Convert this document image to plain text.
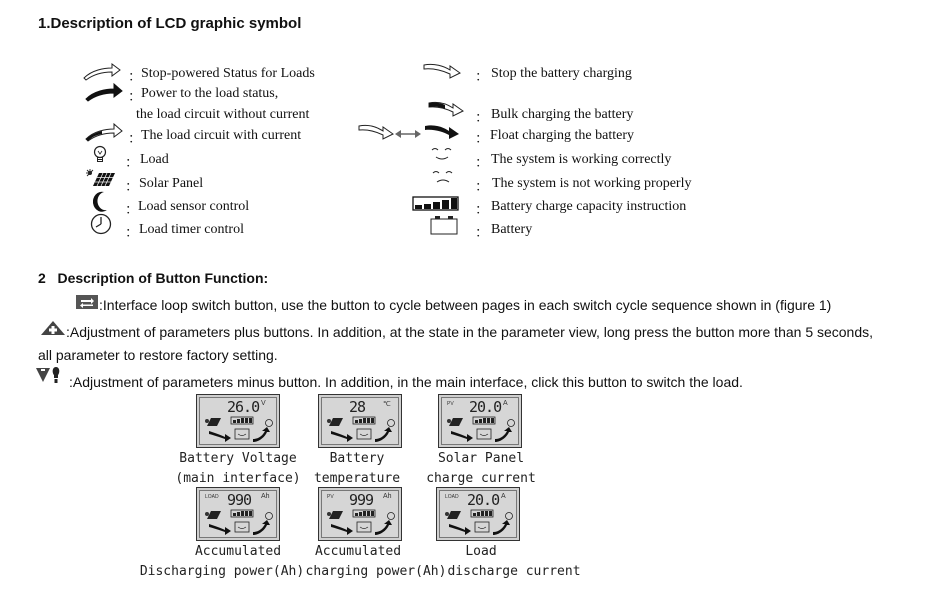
1.Description of LCD graphic symbol
： Stop-powered Status for Loads
： Power to the load status,
the load circuit without current
： The load circuit with current
： Load
： Solar Panel
： Load sensor control
： Load timer control
： Stop the battery charging
： Bulk charging the battery
： Float charging the battery
： The system is working correctly
： The system is not working properly
： Battery charge capacity instruction
： Battery
2   Description of Button Function:
:Interface loop switch button, use the button to cycle between pages in each switch cycle sequence shown in (figure 1)
:Adjustment of parameters plus buttons. In addition, at the state in the parameter view, long press the button more than 5 seconds,
all parameter to restore factory setting.
:Adjustment of parameters minus button. In addition, in the main interface, click this button to switch the load.
26.0 V
Battery Voltage
(main interface)
28	℃
Battery
temperature
PV 20.0 A
Solar Panel
charge current
LOAD 990 Ah
Accumulated
Discharging power(Ah)
PV 999 Ah
Accumulated
charging power(Ah)
LOAD 20.0 A
Load
discharge current
